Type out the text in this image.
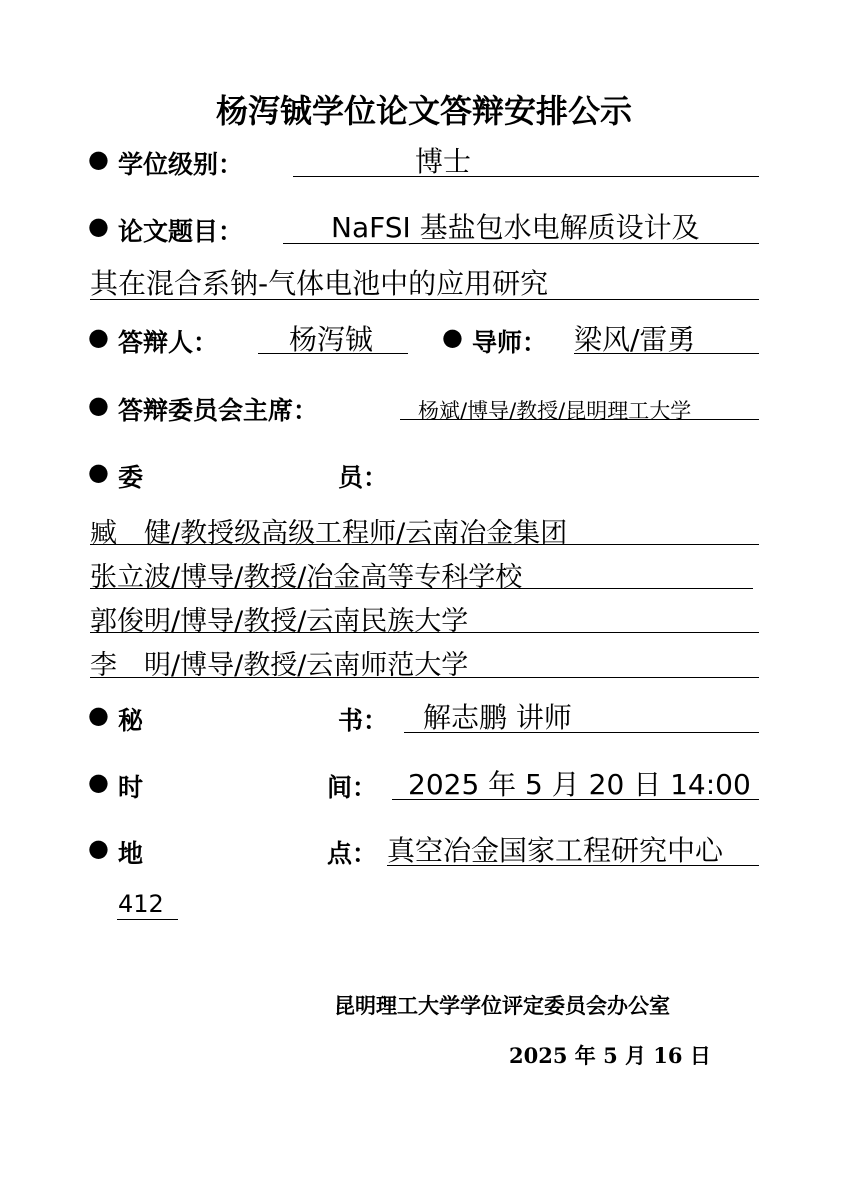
杨泻铖学位论文答辩安排公示
● 学位级别：	博士
● 论文题目：	NaFSI 基盐包水电解质设计及
其在混合系钠-气体电池中的应用研究
● 答辩人：	杨泻铖	● 导师： 梁风/雷勇
● 答辩委员会主席：	杨斌/博导/教授/昆明理工大学
● 委	员：
臧　健/教授级高级工程师/云南冶金集团
张立波/博导/教授/冶金高等专科学校
郭俊明/博导/教授/云南民族大学
李　明/博导/教授/云南师范大学
● 秘	书： 解志鹏 讲师
● 时	间： 2025 年 5 月 20 日 14:00
● 地	点： 真空冶金国家工程研究中心
412
昆明理工大学学位评定委员会办公室
2025 年 5 月 16 日
